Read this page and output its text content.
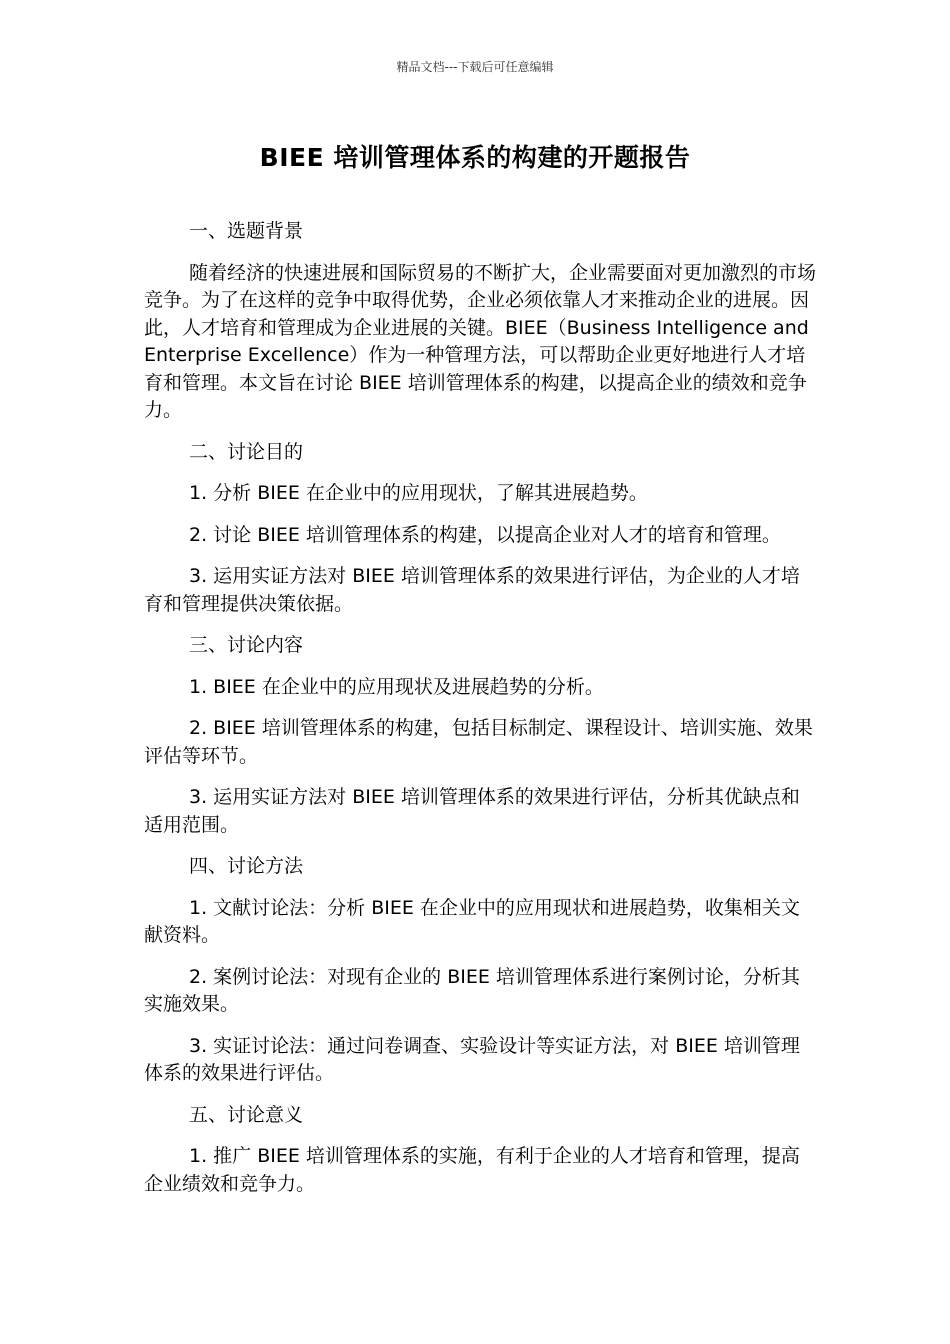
精品文档---下载后可任意编辑
BIEE 培训管理体系的构建的开题报告

一、选题背景

随着经济的快速进展和国际贸易的不断扩大，企业需要面对更加激烈的市场竞争。为了在这样的竞争中取得优势，企业必须依靠人才来推动企业的进展。因此，人才培育和管理成为企业进展的关键。BIEE（Business Intelligence and Enterprise Excellence）作为一种管理方法，可以帮助企业更好地进行人才培育和管理。本文旨在讨论 BIEE 培训管理体系的构建，以提高企业的绩效和竞争力。

二、讨论目的

1. 分析 BIEE 在企业中的应用现状，了解其进展趋势。

2. 讨论 BIEE 培训管理体系的构建，以提高企业对人才的培育和管理。

3. 运用实证方法对 BIEE 培训管理体系的效果进行评估，为企业的人才培育和管理提供决策依据。

三、讨论内容

1. BIEE 在企业中的应用现状及进展趋势的分析。

2. BIEE 培训管理体系的构建，包括目标制定、课程设计、培训实施、效果评估等环节。

3. 运用实证方法对 BIEE 培训管理体系的效果进行评估，分析其优缺点和适用范围。

四、讨论方法

1. 文献讨论法：分析 BIEE 在企业中的应用现状和进展趋势，收集相关文献资料。

2. 案例讨论法：对现有企业的 BIEE 培训管理体系进行案例讨论，分析其实施效果。

3. 实证讨论法：通过问卷调查、实验设计等实证方法，对 BIEE 培训管理体系的效果进行评估。

五、讨论意义

1. 推广 BIEE 培训管理体系的实施，有利于企业的人才培育和管理，提高企业绩效和竞争力。
